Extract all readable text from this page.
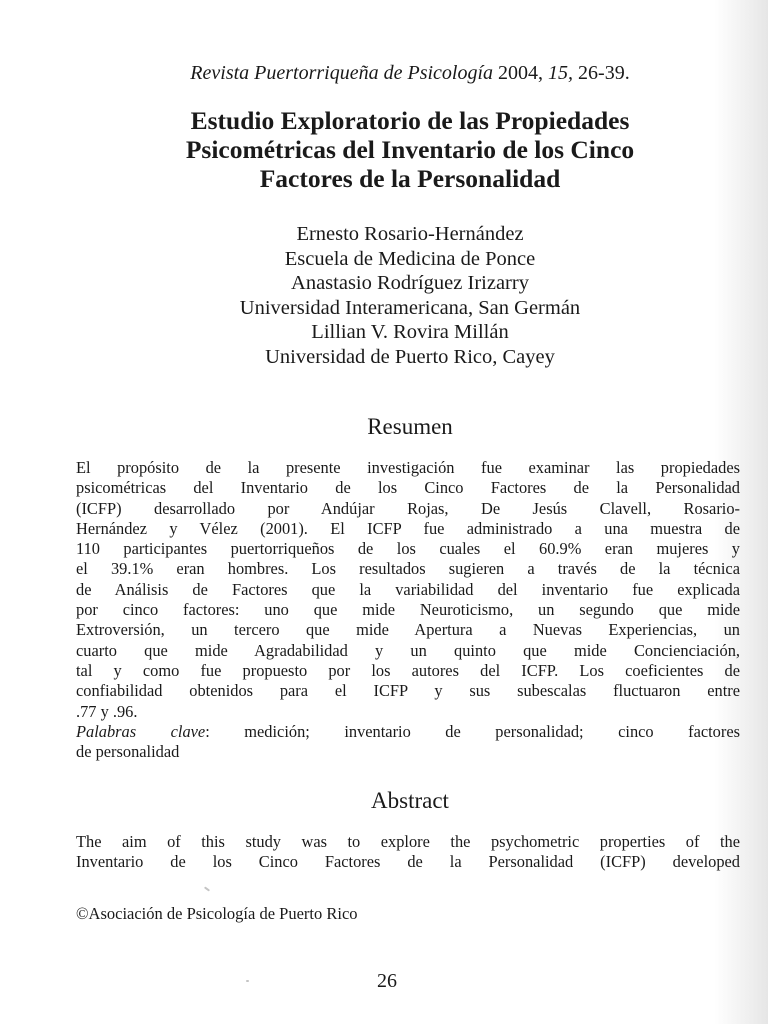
Revista Puertorriqueña de Psicología 2004, 15, 26-39.
Estudio Exploratorio de las Propiedades
Psicométricas del Inventario de los Cinco
Factores de la Personalidad
Ernesto Rosario-Hernández
Escuela de Medicina de Ponce
Anastasio Rodríguez Irizarry
Universidad Interamericana, San Germán
Lillian V. Rovira Millán
Universidad de Puerto Rico, Cayey
Resumen
El propósito de la presente investigación fue examinar las propiedades
psicométricas del Inventario de los Cinco Factores de la Personalidad
(ICFP) desarrollado por Andújar Rojas, De Jesús Clavell, Rosario-
Hernández y Vélez (2001). El ICFP fue administrado a una muestra de
110 participantes puertorriqueños de los cuales el 60.9% eran mujeres y
el 39.1% eran hombres. Los resultados sugieren a través de la técnica
de Análisis de Factores que la variabilidad del inventario fue explicada
por cinco factores: uno que mide Neuroticismo, un segundo que mide
Extroversión, un tercero que mide Apertura a Nuevas Experiencias, un
cuarto que mide Agradabilidad y un quinto que mide Concienciación,
tal y como fue propuesto por los autores del ICFP. Los coeficientes de
confiabilidad obtenidos para el ICFP y sus subescalas fluctuaron entre
.77 y .96.
Palabras clave: medición; inventario de personalidad; cinco factores
de personalidad
Abstract
The aim of this study was to explore the psychometric properties of the
Inventario de los Cinco Factores de la Personalidad (ICFP) developed
©Asociación de Psicología de Puerto Rico
26
